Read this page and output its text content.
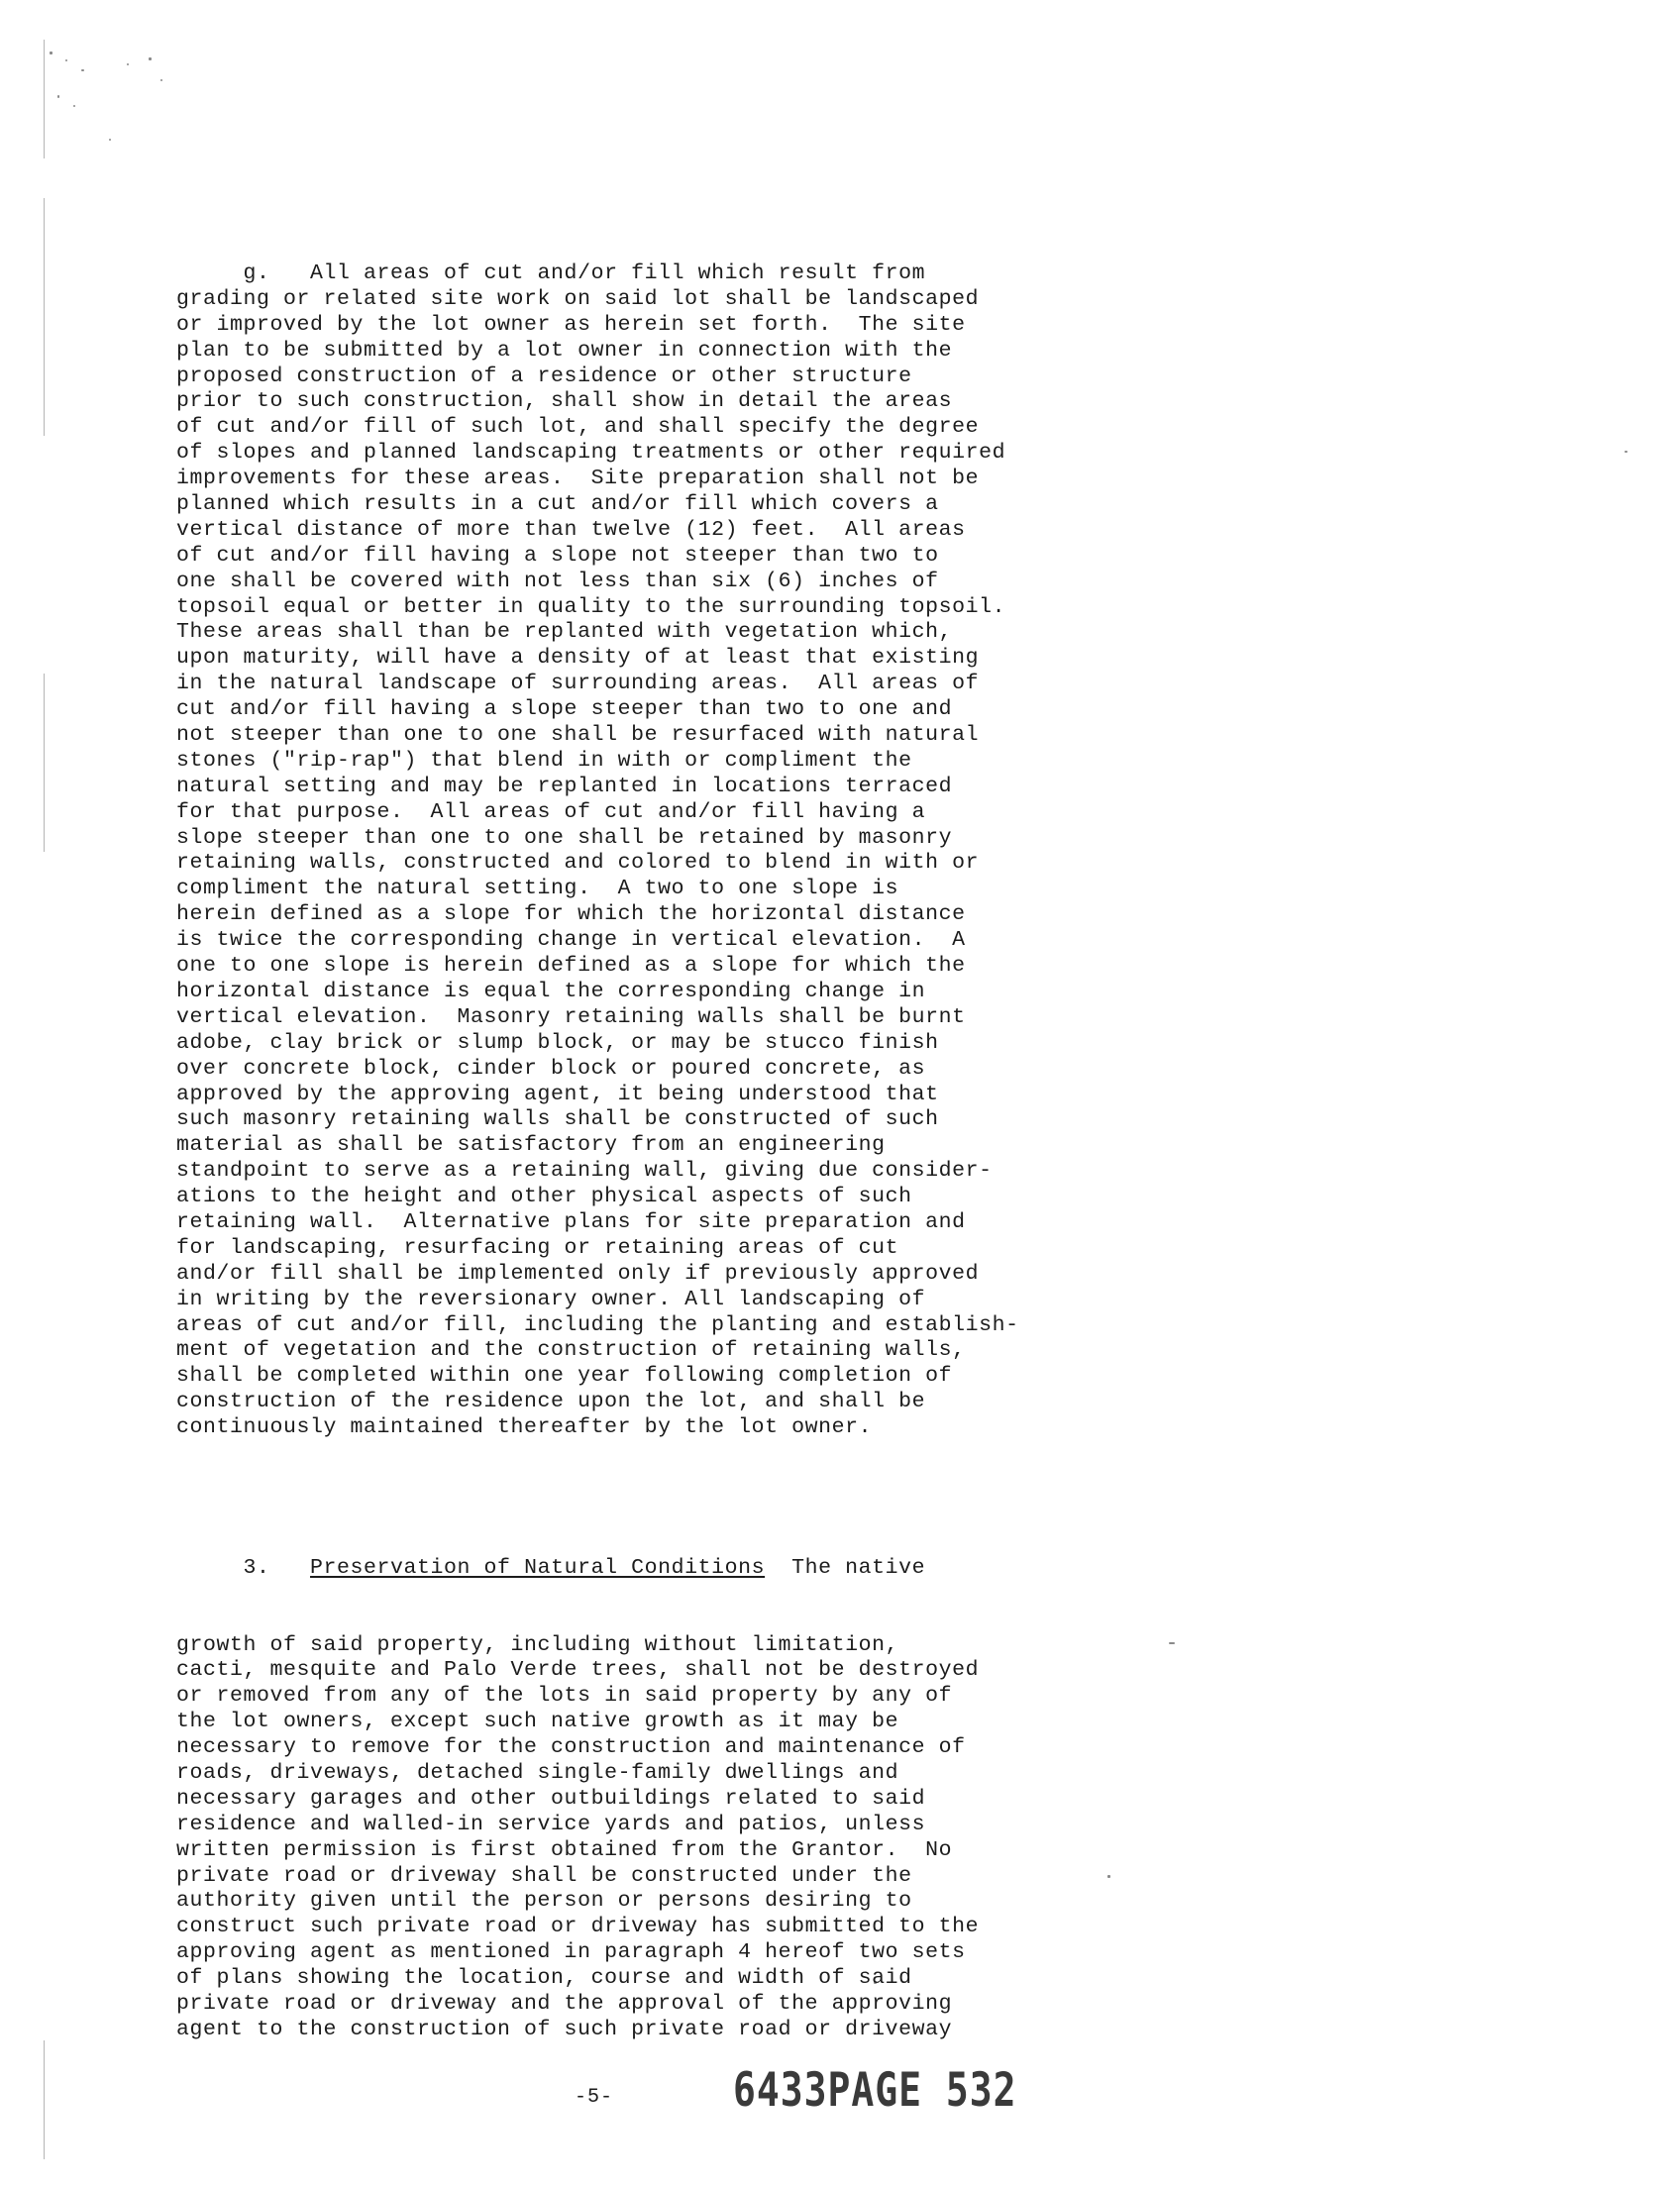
g.   All areas of cut and/or fill which result from
grading or related site work on said lot shall be landscaped
or improved by the lot owner as herein set forth.  The site
plan to be submitted by a lot owner in connection with the
proposed construction of a residence or other structure
prior to such construction, shall show in detail the areas
of cut and/or fill of such lot, and shall specify the degree
of slopes and planned landscaping treatments or other required
improvements for these areas.  Site preparation shall not be
planned which results in a cut and/or fill which covers a
vertical distance of more than twelve (12) feet.  All areas
of cut and/or fill having a slope not steeper than two to
one shall be covered with not less than six (6) inches of
topsoil equal or better in quality to the surrounding topsoil.
These areas shall than be replanted with vegetation which,
upon maturity, will have a density of at least that existing
in the natural landscape of surrounding areas.  All areas of
cut and/or fill having a slope steeper than two to one and
not steeper than one to one shall be resurfaced with natural
stones ("rip-rap") that blend in with or compliment the
natural setting and may be replanted in locations terraced
for that purpose.  All areas of cut and/or fill having a
slope steeper than one to one shall be retained by masonry
retaining walls, constructed and colored to blend in with or
compliment the natural setting.  A two to one slope is
herein defined as a slope for which the horizontal distance
is twice the corresponding change in vertical elevation.  A
one to one slope is herein defined as a slope for which the
horizontal distance is equal the corresponding change in
vertical elevation.  Masonry retaining walls shall be burnt
adobe, clay brick or slump block, or may be stucco finish
over concrete block, cinder block or poured concrete, as
approved by the approving agent, it being understood that
such masonry retaining walls shall be constructed of such
material as shall be satisfactory from an engineering
standpoint to serve as a retaining wall, giving due consider-
ations to the height and other physical aspects of such
retaining wall.  Alternative plans for site preparation and
for landscaping, resurfacing or retaining areas of cut
and/or fill shall be implemented only if previously approved
in writing by the reversionary owner. All landscaping of
areas of cut and/or fill, including the planting and establish-
ment of vegetation and the construction of retaining walls,
shall be completed within one year following completion of
construction of the residence upon the lot, and shall be
continuously maintained thereafter by the lot owner.

3.   Preservation of Natural Conditions  The native

growth of said property, including without limitation,
cacti, mesquite and Palo Verde trees, shall not be destroyed
or removed from any of the lots in said property by any of
the lot owners, except such native growth as it may be
necessary to remove for the construction and maintenance of
roads, driveways, detached single-family dwellings and
necessary garages and other outbuildings related to said
residence and walled-in service yards and patios, unless
written permission is first obtained from the Grantor.  No
private road or driveway shall be constructed under the
authority given until the person or persons desiring to
construct such private road or driveway has submitted to the
approving agent as mentioned in paragraph 4 hereof two sets
of plans showing the location, course and width of said
private road or driveway and the approval of the approving
agent to the construction of such private road or driveway
-5-	6433PAGE 532
